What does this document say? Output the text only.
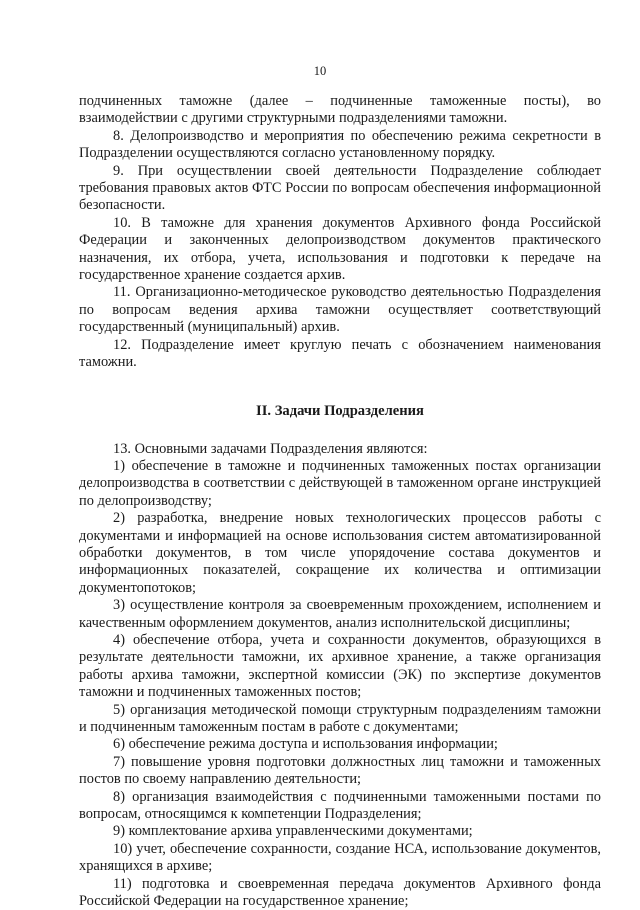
10

подчиненных таможне (далее – подчиненные таможенные посты), во взаимодействии с другими структурными подразделениями таможни.

8. Делопроизводство и мероприятия по обеспечению режима секретности в Подразделении осуществляются согласно установленному порядку.

9. При осуществлении своей деятельности Подразделение соблюдает требования правовых актов ФТС России по вопросам обеспечения информационной безопасности.

10. В таможне для хранения документов Архивного фонда Российской Федерации и законченных делопроизводством документов практического назначения, их отбора, учета, использования и подготовки к передаче на государственное хранение создается архив.

11. Организационно-методическое руководство деятельностью Подразделения по вопросам ведения архива таможни осуществляет соответствующий государственный (муниципальный) архив.

12. Подразделение имеет круглую печать с обозначением наименования таможни.

II. Задачи Подразделения

13. Основными задачами Подразделения являются:

1) обеспечение в таможне и подчиненных таможенных постах организации делопроизводства в соответствии с действующей в таможенном органе инструкцией по делопроизводству;

2) разработка, внедрение новых технологических процессов работы с документами и информацией на основе использования систем автоматизированной обработки документов, в том числе упорядочение состава документов и информационных показателей, сокращение их количества и оптимизации документопотоков;

3) осуществление контроля за своевременным прохождением, исполнением и качественным оформлением документов, анализ исполнительской дисциплины;

4) обеспечение отбора, учета и сохранности документов, образующихся в результате деятельности таможни, их архивное хранение, а также организация работы архива таможни, экспертной комиссии (ЭК) по экспертизе документов таможни и подчиненных таможенных постов;

5) организация методической помощи структурным подразделениям таможни и подчиненным таможенным постам в работе с документами;

6) обеспечение режима доступа и использования информации;

7) повышение уровня подготовки должностных лиц таможни и таможенных постов по своему направлению деятельности;

8) организация взаимодействия с подчиненными таможенными постами по вопросам, относящимся к компетенции Подразделения;

9) комплектование архива управленческими документами;

10) учет, обеспечение сохранности, создание НСА, использование документов, хранящихся в архиве;

11) подготовка и своевременная передача документов Архивного фонда Российской Федерации на государственное хранение;
